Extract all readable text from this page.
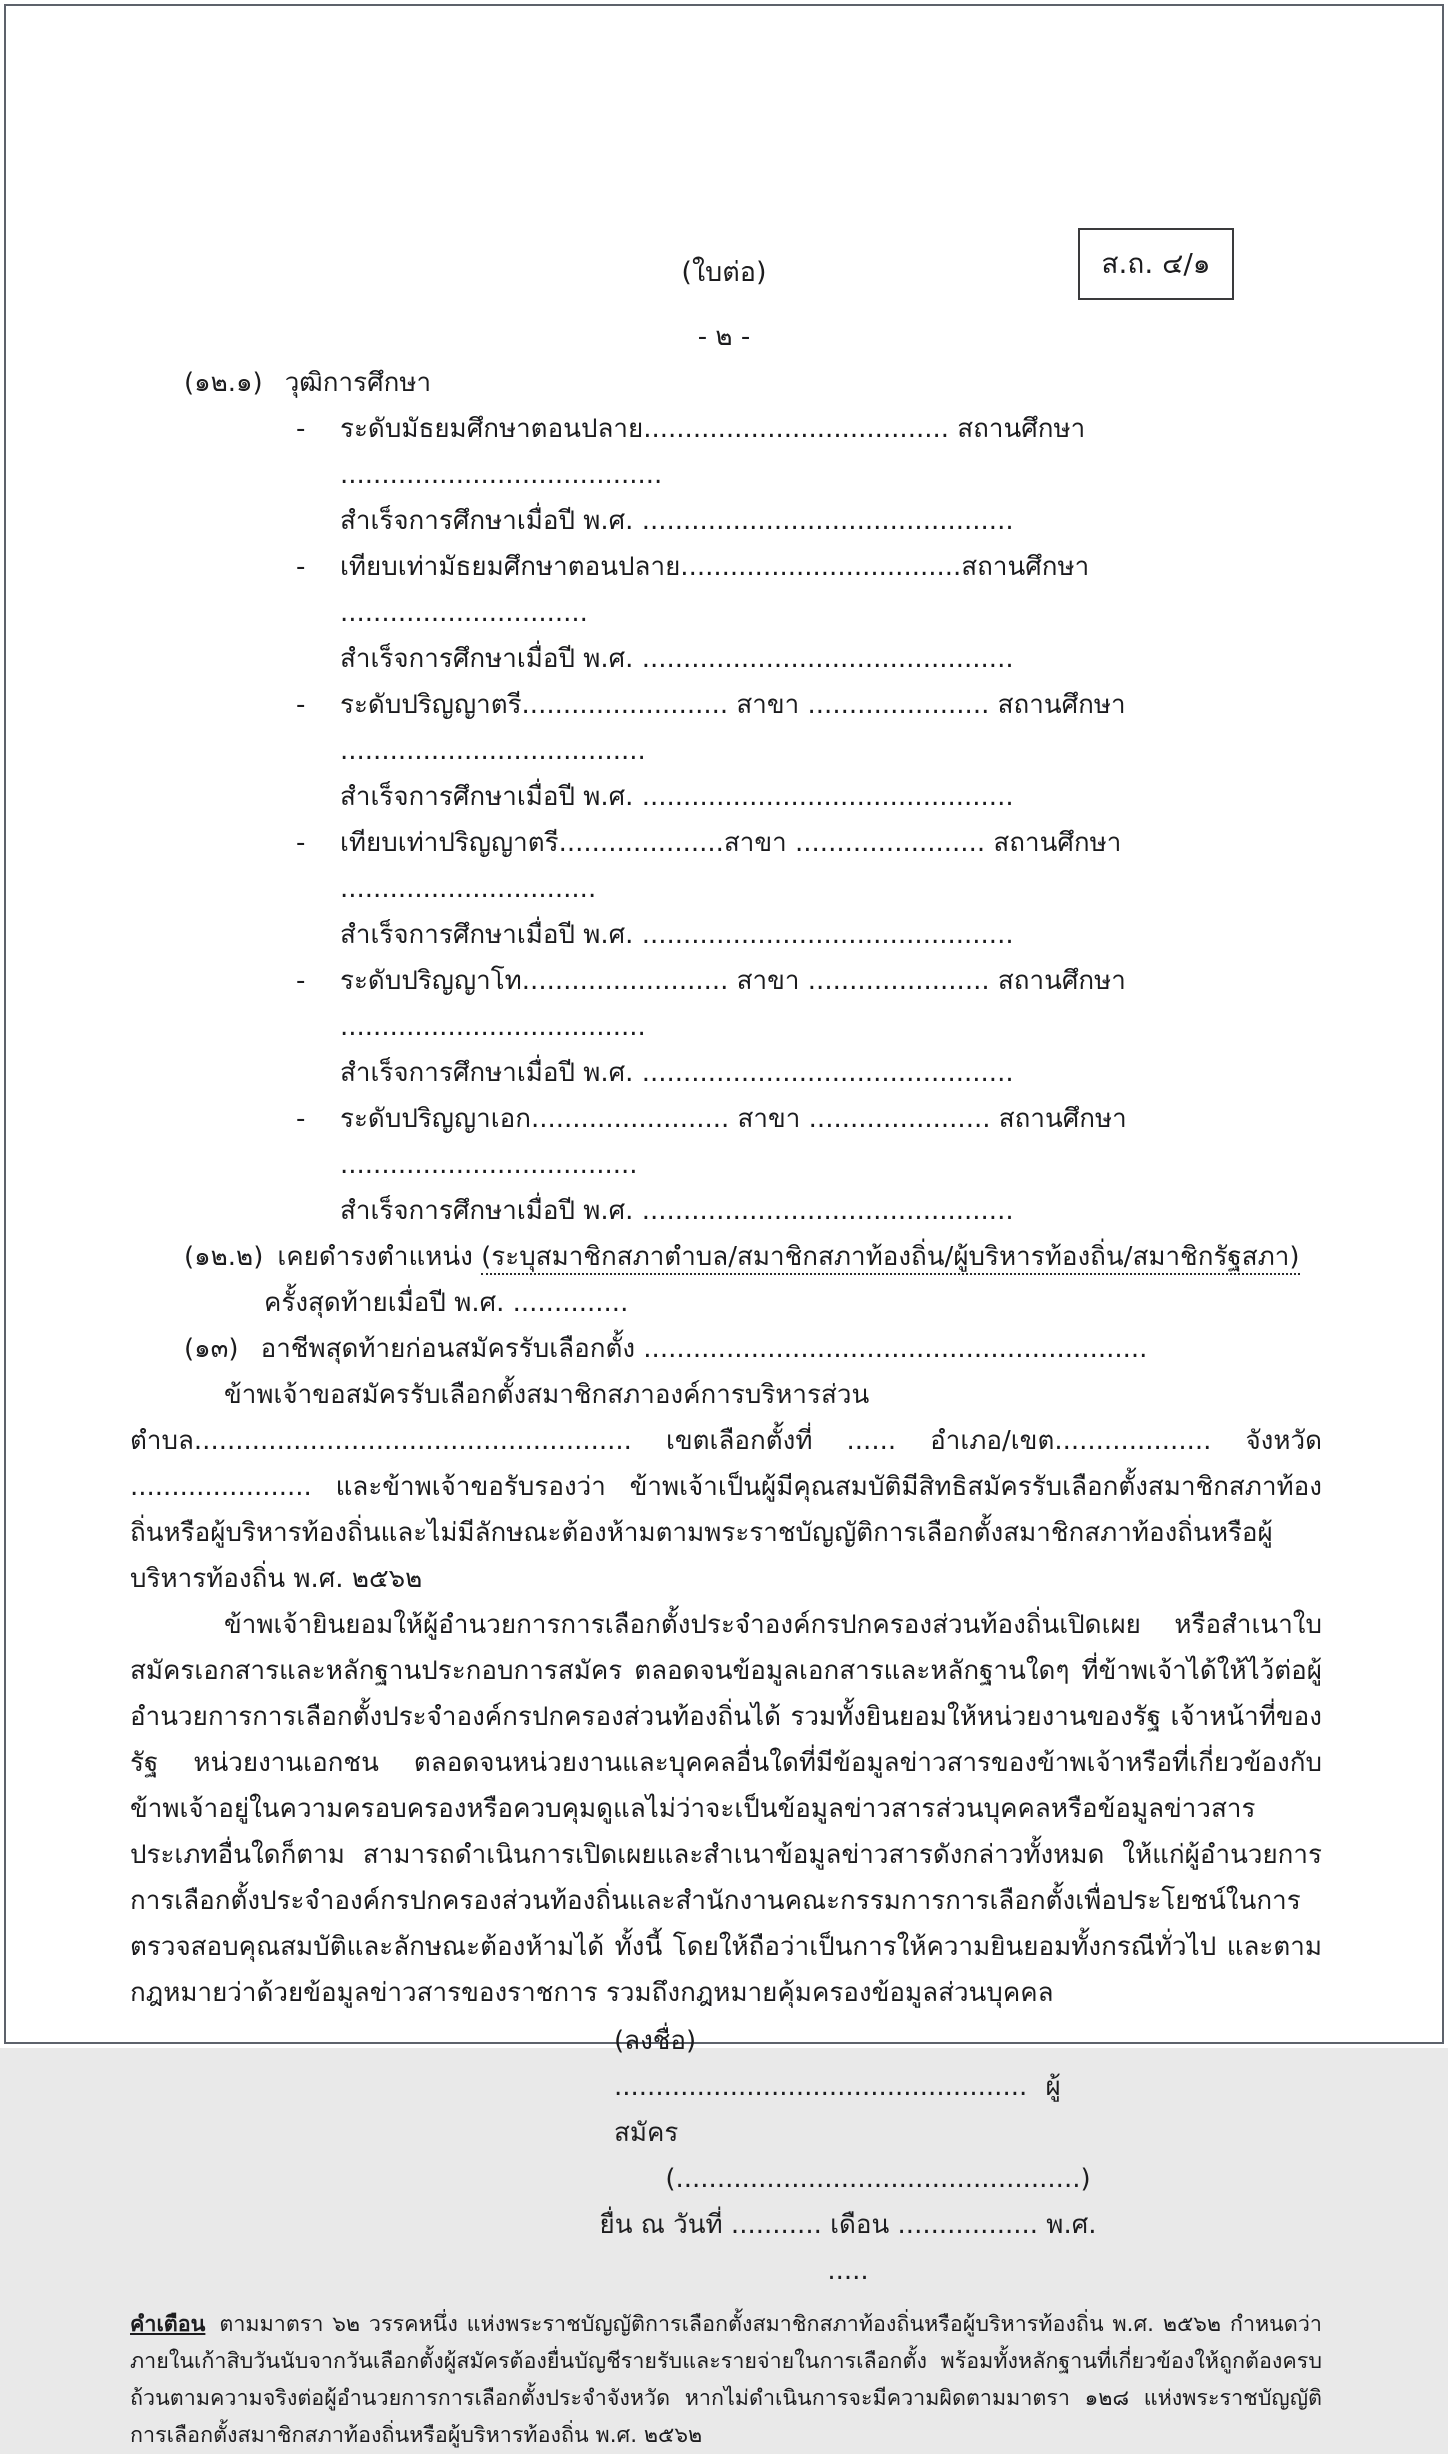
ส.ถ. ๔/๑
(ใบต่อ)
- ๒ -
(๑๒.๑) วุฒิการศึกษา
-	ระดับมัธยมศึกษาตอนปลาย..................................... สถานศึกษา .......................................
สำเร็จการศึกษาเมื่อปี พ.ศ. .............................................
-	เทียบเท่ามัธยมศึกษาตอนปลาย..................................สถานศึกษา ..............................
สำเร็จการศึกษาเมื่อปี พ.ศ. .............................................
-	ระดับปริญญาตรี......................... สาขา ...................... สถานศึกษา .....................................
สำเร็จการศึกษาเมื่อปี พ.ศ. .............................................
-	เทียบเท่าปริญญาตรี....................สาขา ....................... สถานศึกษา ...............................
สำเร็จการศึกษาเมื่อปี พ.ศ. .............................................
-	ระดับปริญญาโท......................... สาขา ...................... สถานศึกษา .....................................
สำเร็จการศึกษาเมื่อปี พ.ศ. .............................................
-	ระดับปริญญาเอก........................ สาขา ...................... สถานศึกษา ....................................
สำเร็จการศึกษาเมื่อปี พ.ศ. .............................................
(๑๒.๒) เคยดำรงตำแหน่ง (ระบุสมาชิกสภาตำบล/สมาชิกสภาท้องถิ่น/ผู้บริหารท้องถิ่น/สมาชิกรัฐสภา)
ครั้งสุดท้ายเมื่อปี พ.ศ. ..............
(๑๓) อาชีพสุดท้ายก่อนสมัครรับเลือกตั้ง .............................................................

ข้าพเจ้าขอสมัครรับเลือกตั้งสมาชิกสภาองค์การบริหารส่วนตำบล..................................................... เขตเลือกตั้งที่ ...... อำเภอ/เขต................... จังหวัด ...................... และข้าพเจ้าขอรับรองว่า ข้าพเจ้าเป็นผู้มีคุณสมบัติมีสิทธิสมัครรับเลือกตั้งสมาชิกสภาท้องถิ่นหรือผู้บริหารท้องถิ่นและไม่มีลักษณะต้องห้ามตามพระราชบัญญัติการเลือกตั้งสมาชิกสภาท้องถิ่นหรือผู้บริหารท้องถิ่น พ.ศ. ๒๕๖๒

ข้าพเจ้ายินยอมให้ผู้อำนวยการการเลือกตั้งประจำองค์กรปกครองส่วนท้องถิ่นเปิดเผย หรือสำเนาใบสมัครเอกสารและหลักฐานประกอบการสมัคร ตลอดจนข้อมูลเอกสารและหลักฐานใดๆ ที่ข้าพเจ้าได้ให้ไว้ต่อผู้อำนวยการการเลือกตั้งประจำองค์กรปกครองส่วนท้องถิ่นได้ รวมทั้งยินยอมให้หน่วยงานของรัฐ เจ้าหน้าที่ของรัฐ หน่วยงานเอกชน ตลอดจนหน่วยงานและบุคคลอื่นใดที่มีข้อมูลข่าวสารของข้าพเจ้าหรือที่เกี่ยวข้องกับข้าพเจ้าอยู่ในความครอบครองหรือควบคุมดูแลไม่ว่าจะเป็นข้อมูลข่าวสารส่วนบุคคลหรือข้อมูลข่าวสารประเภทอื่นใดก็ตาม สามารถดำเนินการเปิดเผยและสำเนาข้อมูลข่าวสารดังกล่าวทั้งหมด ให้แก่ผู้อำนวยการการเลือกตั้งประจำองค์กรปกครองส่วนท้องถิ่นและสำนักงานคณะกรรมการการเลือกตั้งเพื่อประโยชน์ในการตรวจสอบคุณสมบัติและลักษณะต้องห้ามได้ ทั้งนี้ โดยให้ถือว่าเป็นการให้ความยินยอมทั้งกรณีทั่วไป และตามกฎหมายว่าด้วยข้อมูลข่าวสารของราชการ รวมถึงกฎหมายคุ้มครองข้อมูลส่วนบุคคล

(ลงชื่อ) .................................................. ผู้สมัคร
(.................................................)
ยื่น ณ วันที่ ........... เดือน ................. พ.ศ. .....
คำเตือน ตามมาตรา ๖๒ วรรคหนึ่ง แห่งพระราชบัญญัติการเลือกตั้งสมาชิกสภาท้องถิ่นหรือผู้บริหารท้องถิ่น พ.ศ. ๒๕๖๒ กำหนดว่าภายในเก้าสิบวันนับจากวันเลือกตั้งผู้สมัครต้องยื่นบัญชีรายรับและรายจ่ายในการเลือกตั้ง พร้อมทั้งหลักฐานที่เกี่ยวข้องให้ถูกต้องครบถ้วนตามความจริงต่อผู้อำนวยการการเลือกตั้งประจำจังหวัด หากไม่ดำเนินการจะมีความผิดตามมาตรา ๑๒๘ แห่งพระราชบัญญัติการเลือกตั้งสมาชิกสภาท้องถิ่นหรือผู้บริหารท้องถิ่น พ.ศ. ๒๕๖๒
